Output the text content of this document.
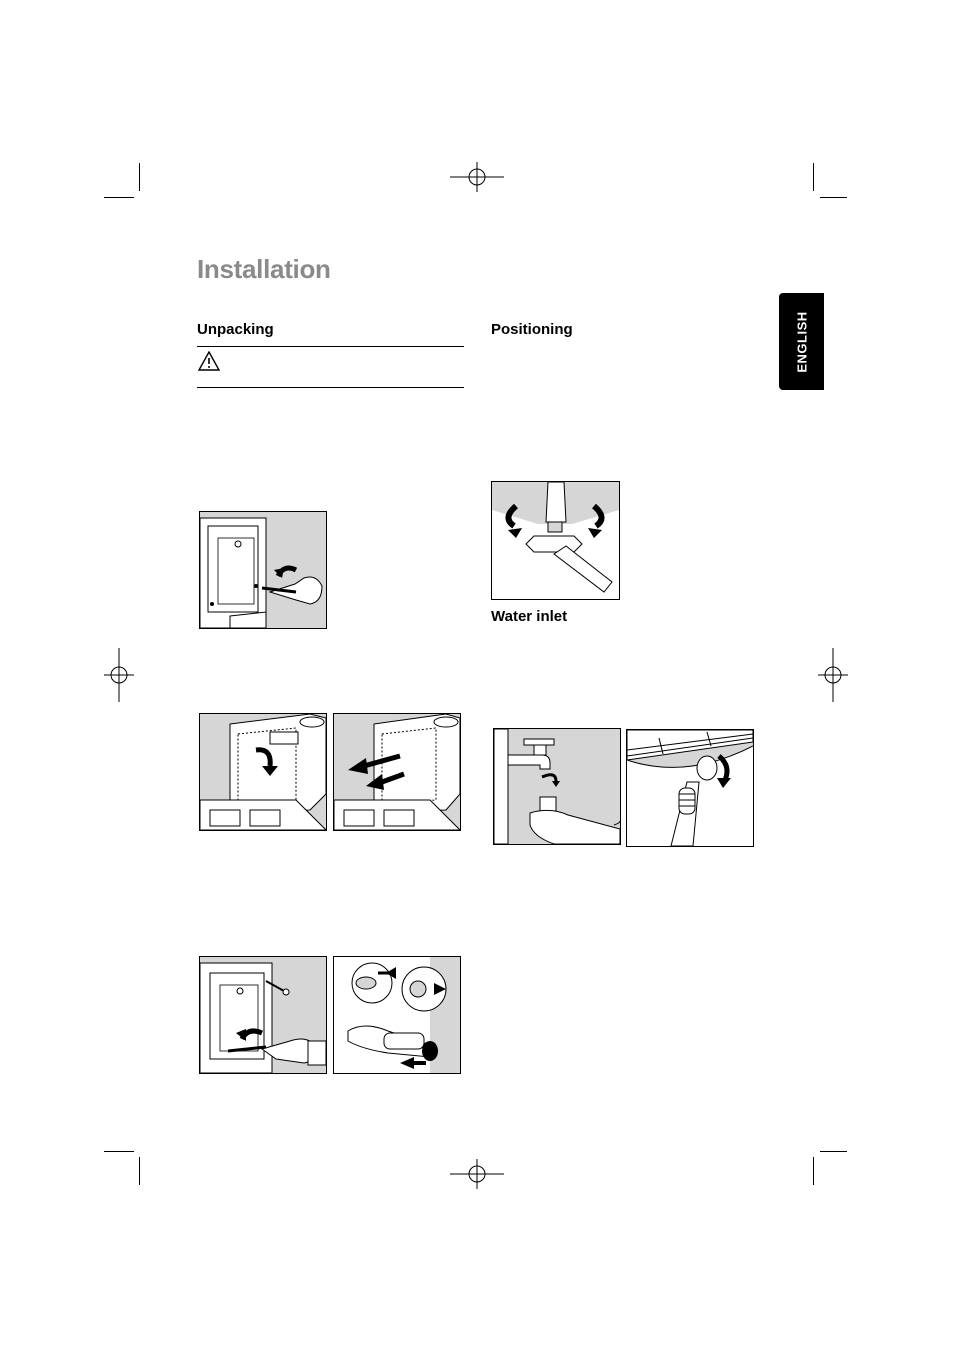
Installation
ENGLISH
Unpacking	Positioning
Water inlet
